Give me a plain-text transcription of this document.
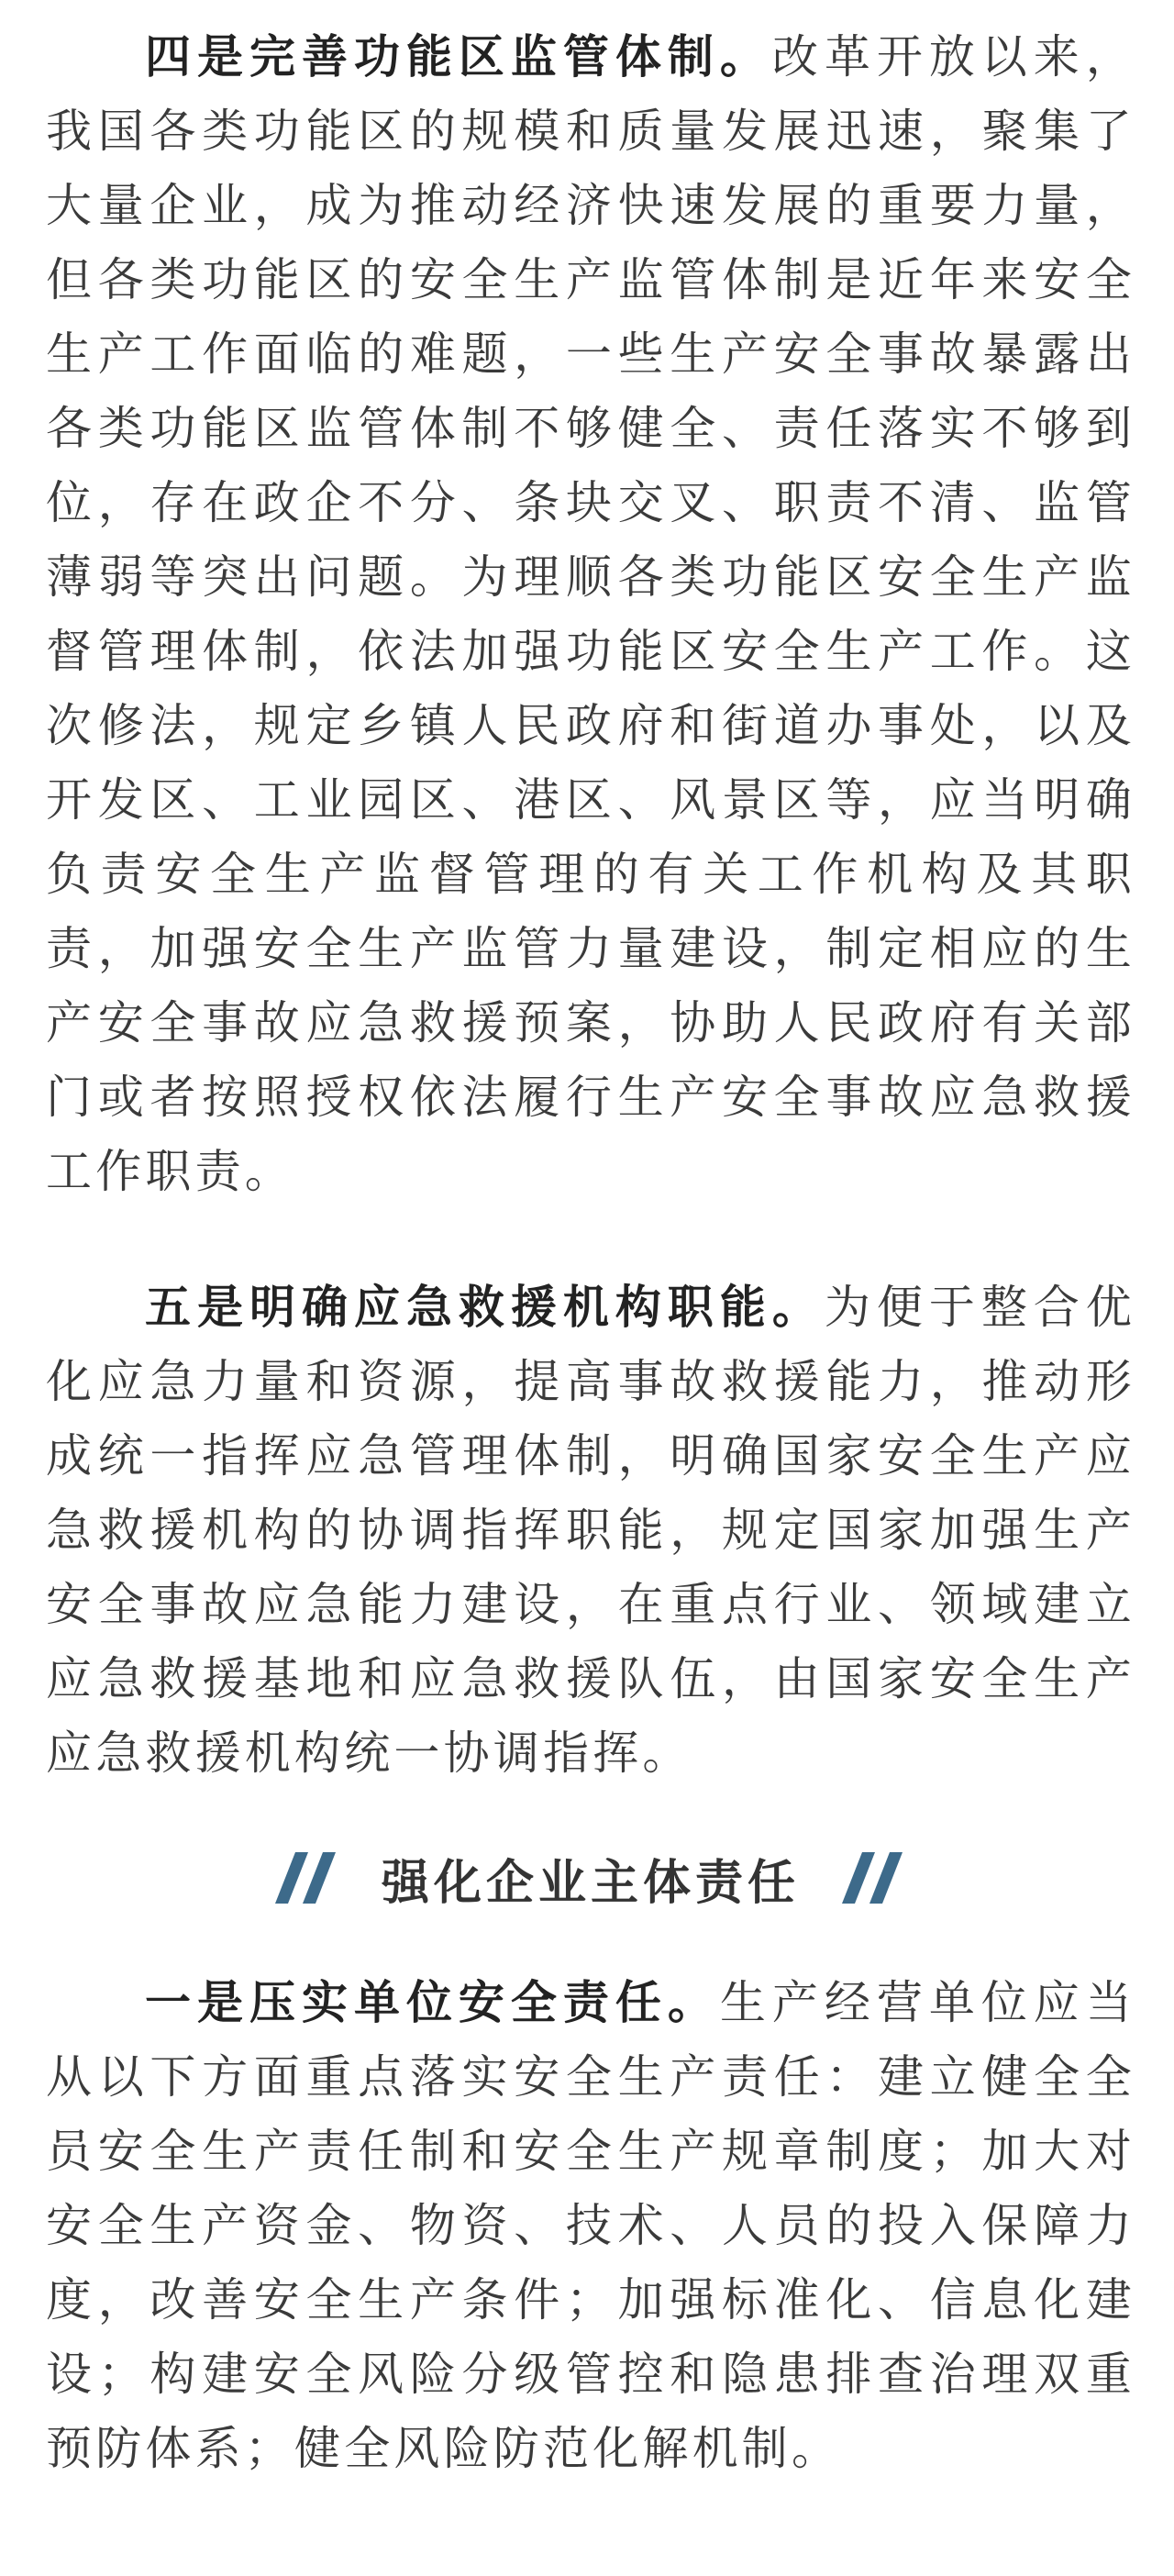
四是完善功能区监管体制。改革开放以来，我国各类功能区的规模和质量发展迅速，聚集了大量企业，成为推动经济快速发展的重要力量，但各类功能区的安全生产监管体制是近年来安全生产工作面临的难题，一些生产安全事故暴露出各类功能区监管体制不够健全、责任落实不够到位，存在政企不分、条块交叉、职责不清、监管薄弱等突出问题。为理顺各类功能区安全生产监督管理体制，依法加强功能区安全生产工作。这次修法，规定乡镇人民政府和街道办事处，以及开发区、工业园区、港区、风景区等，应当明确负责安全生产监督管理的有关工作机构及其职责，加强安全生产监管力量建设，制定相应的生产安全事故应急救援预案，协助人民政府有关部门或者按照授权依法履行生产安全事故应急救援工作职责。

五是明确应急救援机构职能。为便于整合优化应急力量和资源，提高事故救援能力，推动形成统一指挥应急管理体制，明确国家安全生产应急救援机构的协调指挥职能，规定国家加强生产安全事故应急能力建设，在重点行业、领域建立应急救援基地和应急救援队伍，由国家安全生产应急救援机构统一协调指挥。

强化企业主体责任

一是压实单位安全责任。生产经营单位应当从以下方面重点落实安全生产责任：建立健全全员安全生产责任制和安全生产规章制度；加大对安全生产资金、物资、技术、人员的投入保障力度，改善安全生产条件；加强标准化、信息化建设；构建安全风险分级管控和隐患排查治理双重预防体系；健全风险防范化解机制。
